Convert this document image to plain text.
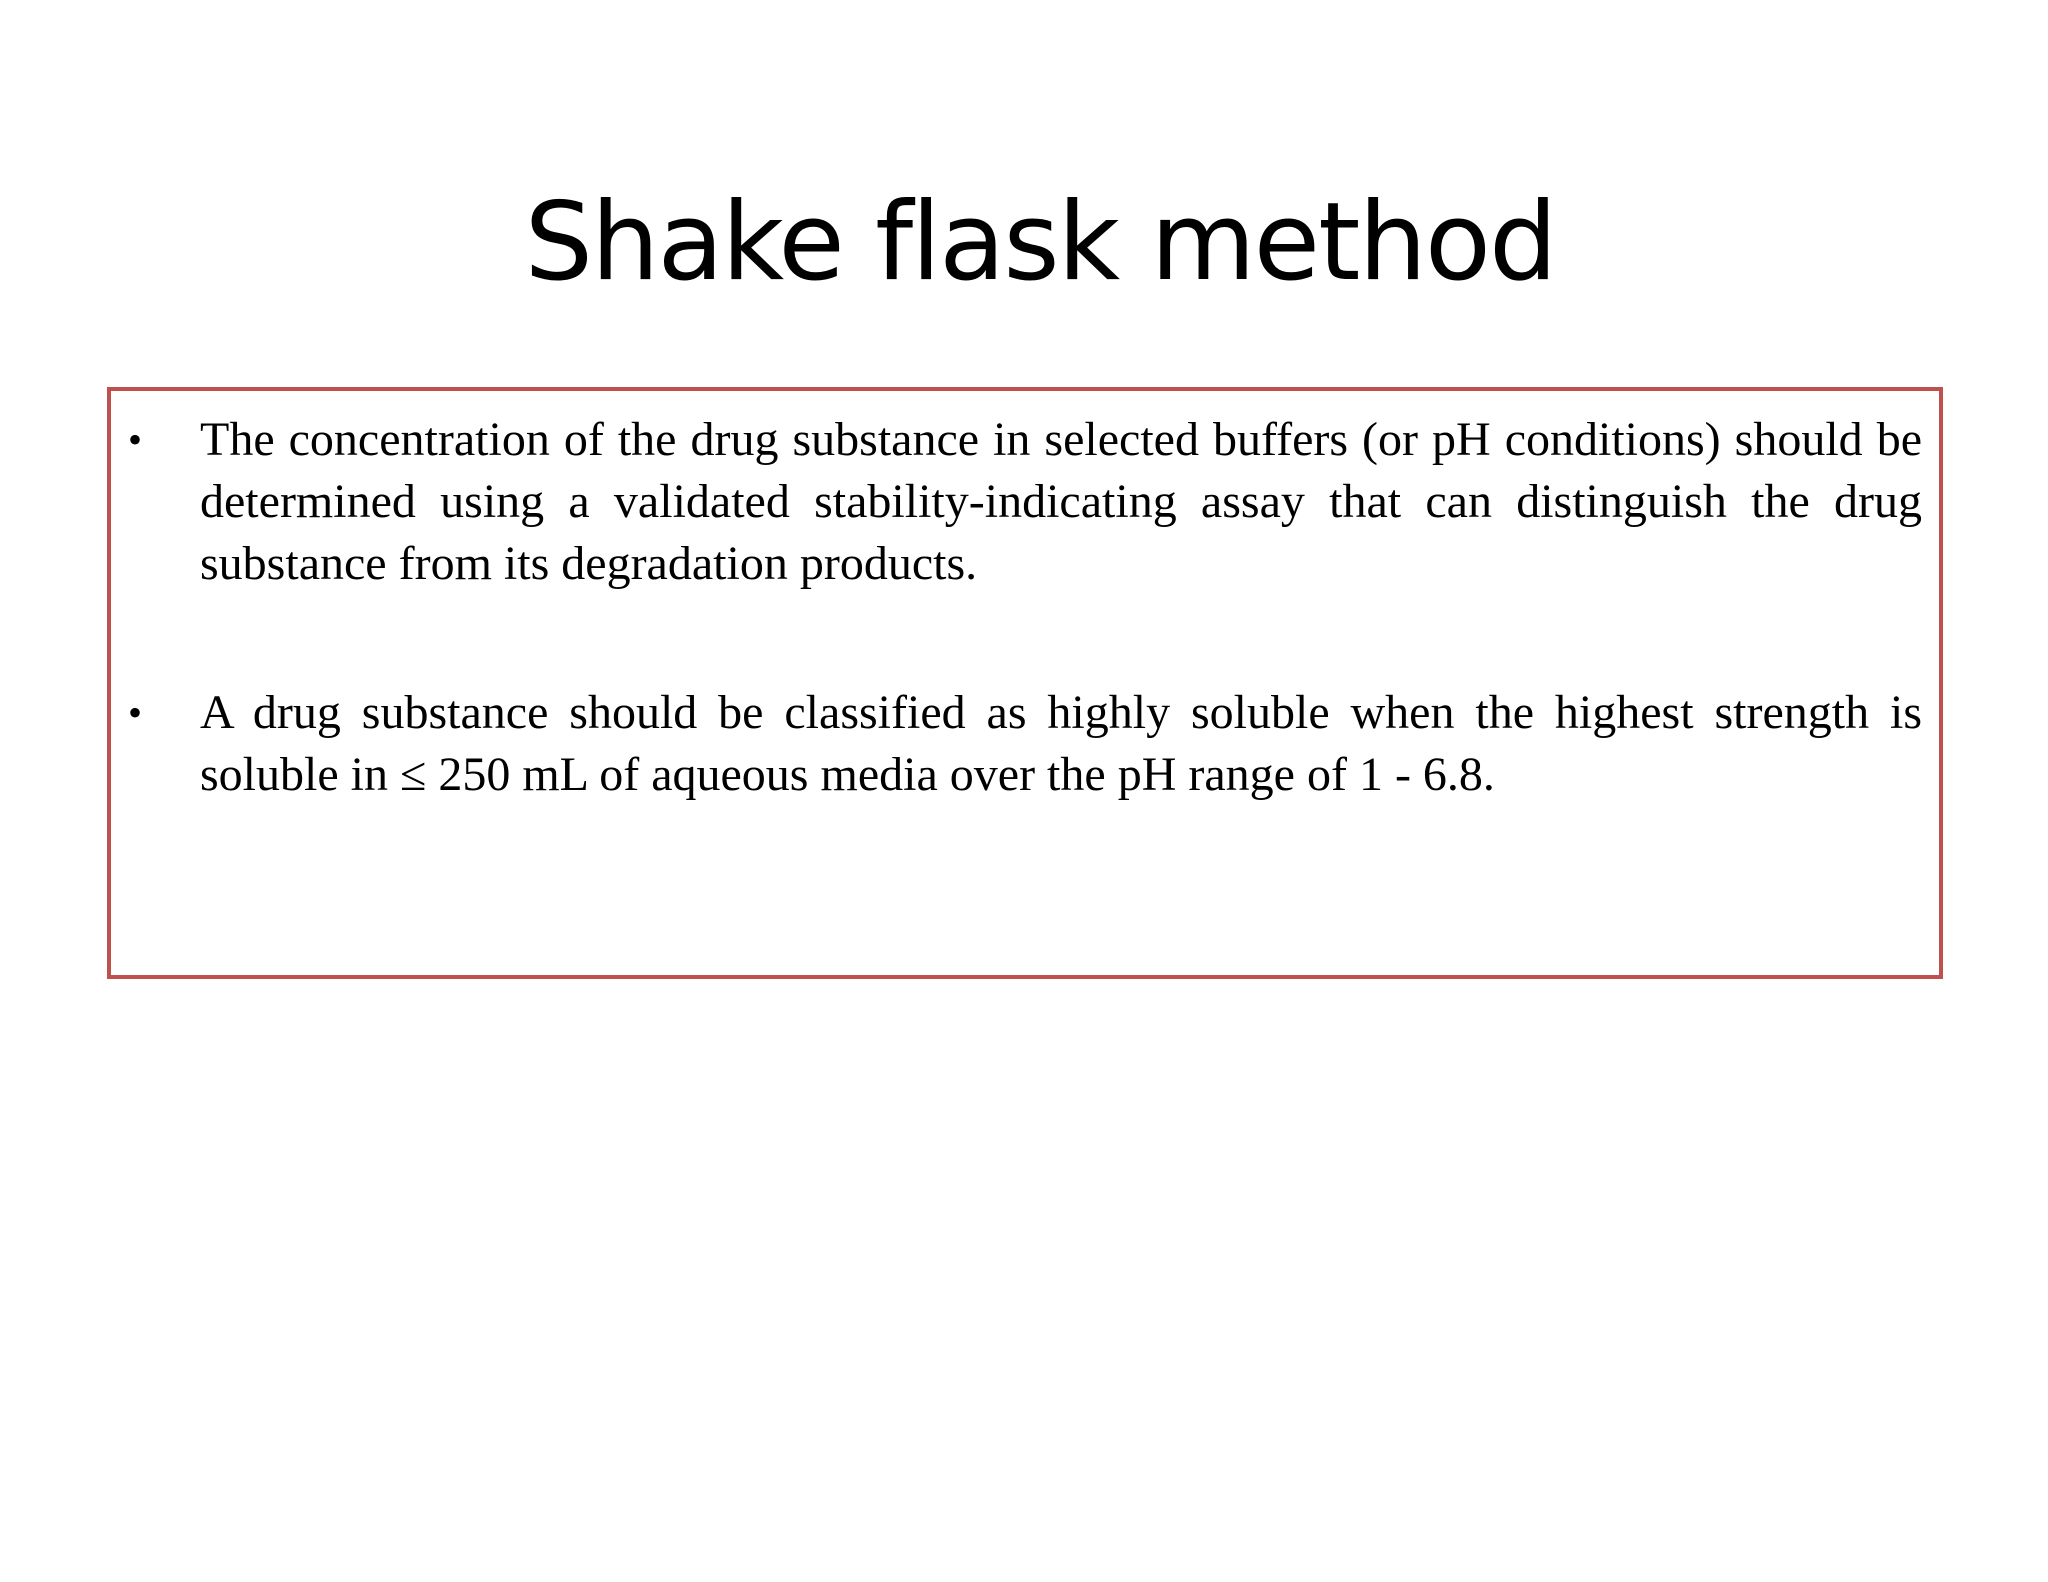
Shake flask method
• The concentration of the drug substance in selected buffers (or pH conditions) should be determined using a validated stability-indicating assay that can distinguish the drug substance from its degradation products.
• A drug substance should be classified as highly soluble when the highest strength is soluble in ≤ 250 mL of aqueous media over the pH range of 1 - 6.8.
